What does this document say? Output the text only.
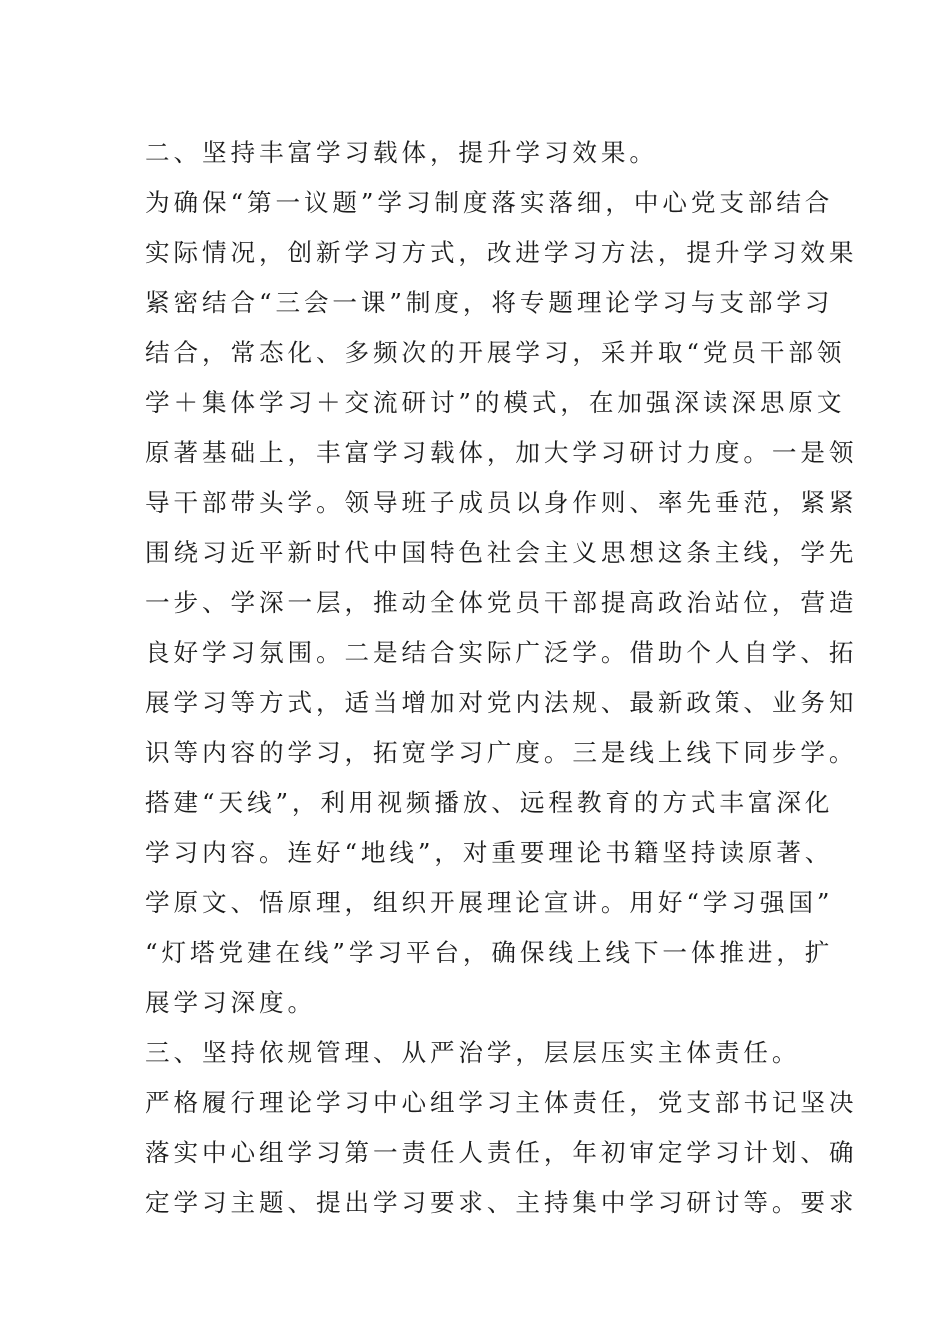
二、坚持丰富学习载体，提升学习效果。
为确保“第一议题”学习制度落实落细，中心党支部结合
实际情况，创新学习方式，改进学习方法，提升学习效果
紧密结合“三会一课”制度，将专题理论学习与支部学习
结合，常态化、多频次的开展学习，采并取“党员干部领
学＋集体学习＋交流研讨”的模式，在加强深读深思原文
原著基础上，丰富学习载体，加大学习研讨力度。一是领
导干部带头学。领导班子成员以身作则、率先垂范，紧紧
围绕习近平新时代中国特色社会主义思想这条主线，学先
一步、学深一层，推动全体党员干部提高政治站位，营造
良好学习氛围。二是结合实际广泛学。借助个人自学、拓
展学习等方式，适当增加对党内法规、最新政策、业务知
识等内容的学习，拓宽学习广度。三是线上线下同步学。
搭建“天线”，利用视频播放、远程教育的方式丰富深化
学习内容。连好“地线”，对重要理论书籍坚持读原著、
学原文、悟原理，组织开展理论宣讲。用好“学习强国”
“灯塔党建在线”学习平台，确保线上线下一体推进，扩
展学习深度。
三、坚持依规管理、从严治学，层层压实主体责任。
严格履行理论学习中心组学习主体责任，党支部书记坚决
落实中心组学习第一责任人责任，年初审定学习计划、确
定学习主题、提出学习要求、主持集中学习研讨等。要求
